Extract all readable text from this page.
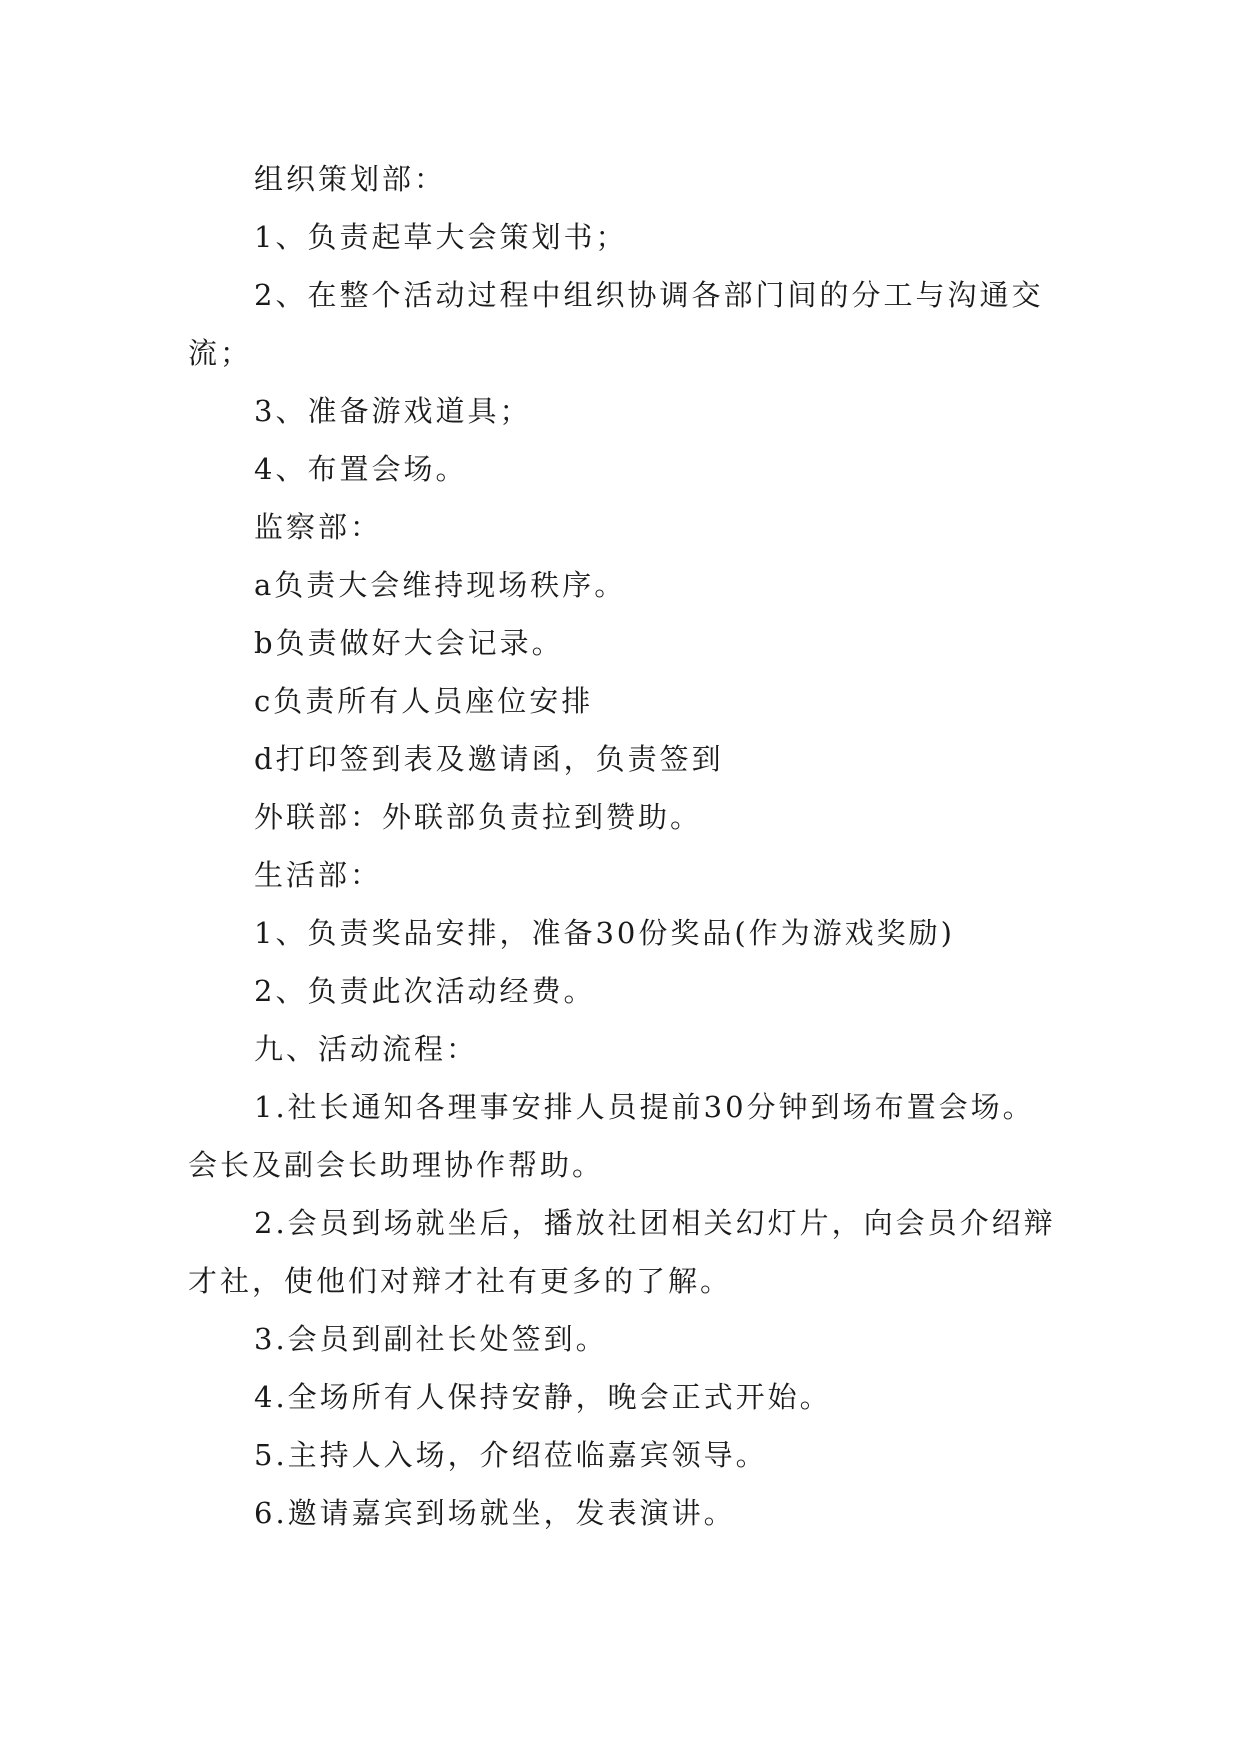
组织策划部：

1、负责起草大会策划书；

2、在整个活动过程中组织协调各部门间的分工与沟通交流；

3、准备游戏道具；

4、布置会场。

监察部：

a负责大会维持现场秩序。

b负责做好大会记录。

c负责所有人员座位安排

d打印签到表及邀请函，负责签到

外联部：外联部负责拉到赞助。

生活部：

1、负责奖品安排，准备30份奖品(作为游戏奖励)

2、负责此次活动经费。

九、活动流程：

1.社长通知各理事安排人员提前30分钟到场布置会场。会长及副会长助理协作帮助。

2.会员到场就坐后，播放社团相关幻灯片，向会员介绍辩才社，使他们对辩才社有更多的了解。

3.会员到副社长处签到。

4.全场所有人保持安静，晚会正式开始。

5.主持人入场，介绍莅临嘉宾领导。

6.邀请嘉宾到场就坐，发表演讲。
